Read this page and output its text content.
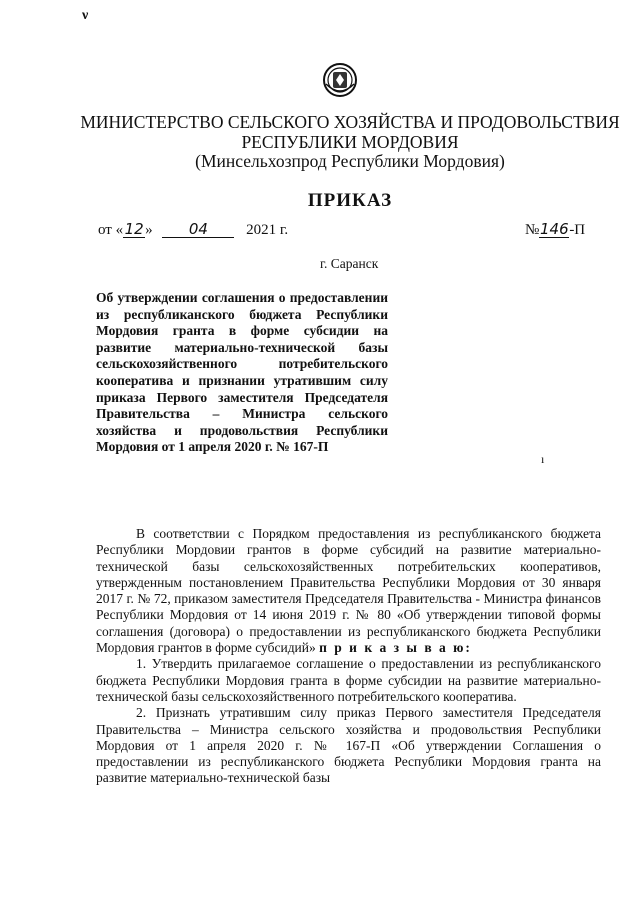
ν
МИНИСТЕРСТВО СЕЛЬСКОГО ХОЗЯЙСТВА И ПРОДОВОЛЬСТВИЯ РЕСПУБЛИКИ МОРДОВИЯ
(Минсельхозпрод Республики Мордовия)
ПРИКАЗ
от «12» 04	2021 г.	№146-П
г. Саранск
Об утверждении соглашения о предоставлении из республиканского бюджета Республики Мордовия гранта в форме субсидии на развитие материально-технической базы сельскохозяйственного потребительского кооператива и признании утратившим силу приказа Первого заместителя Председателя Правительства – Министра сельского хозяйства и продовольствия Республики Мордовия от 1 апреля 2020 г. № 167-П
ı

В соответствии с Порядком предоставления из республиканского бюджета Республики Мордовии грантов в форме субсидий на развитие материально-технической базы сельскохозяйственных потребительских кооперативов, утвержденным постановлением Правительства Республики Мордовия от 30 января 2017 г. № 72, приказом заместителя Председателя Правительства - Министра финансов Республики Мордовия от 14 июня 2019 г. № 80 «Об утверждении типовой формы соглашения (договора) о предоставлении из республиканского бюджета Республики Мордовия грантов в форме субсидий» п р и к а з ы в а ю:

1. Утвердить прилагаемое соглашение о предоставлении из республиканского бюджета Республики Мордовия гранта в форме субсидии на развитие материально-технической базы сельскохозяйственного потребительского кооператива.

2. Признать утратившим силу приказ Первого заместителя Председателя Правительства – Министра сельского хозяйства и продовольствия Республики Мордовия от 1 апреля 2020 г. № 167-П «Об утверждении Соглашения о предоставлении из республиканского бюджета Республики Мордовия гранта на развитие материально-технической базы
